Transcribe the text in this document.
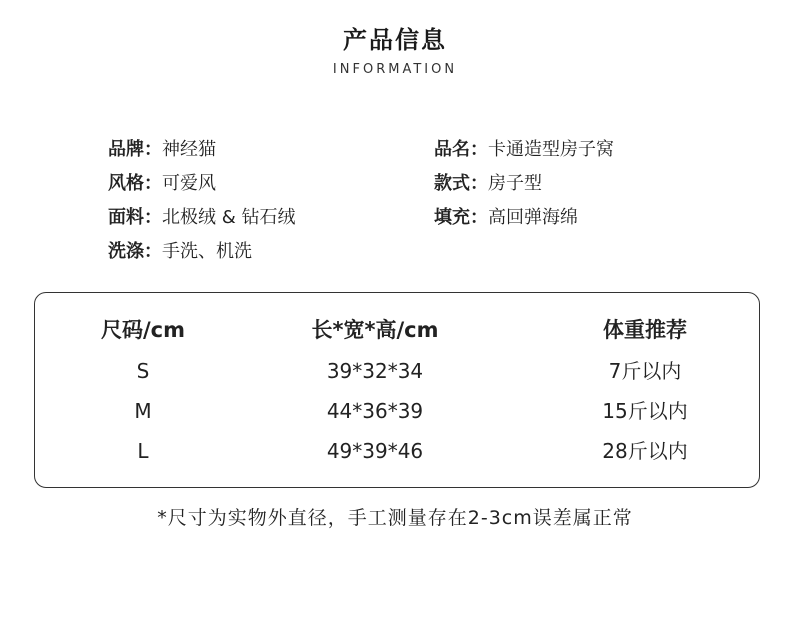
产品信息
INFORMATION
品牌：神经猫
风格：可爱风
面料：北极绒 & 钻石绒
洗涤：手洗、机洗
品名：卡通造型房子窝
款式：房子型
填充：高回弹海绵
尺码/cm	长*宽*高/cm	体重推荐
S	39*32*34	7斤以内
M	44*36*39	15斤以内
L	49*39*46	28斤以内
*尺寸为实物外直径，手工测量存在2-3cm误差属正常
